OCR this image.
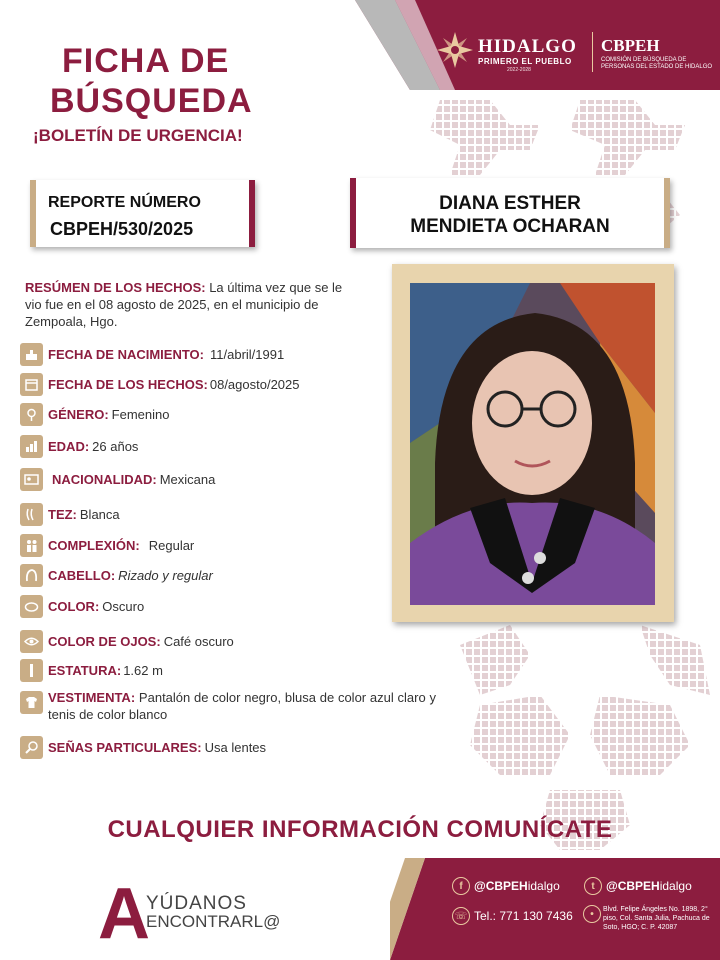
HIDALGO
PRIMERO EL PUEBLO
2022-2028
CBPEH
COMISIÓN DE BÚSQUEDA DE PERSONAS DEL ESTADO DE HIDALGO
FICHA DE
BÚSQUEDA
¡BOLETÍN DE URGENCIA!
REPORTE NÚMERO
CBPEH/530/2025
DIANA ESTHER
MENDIETA OCHARAN
RESÚMEN DE LOS HECHOS: La última vez que se le vio fue en el 08 agosto de 2025, en el municipio de Zempoala, Hgo.
FECHA DE NACIMIENTO: 11/abril/1991
FECHA DE LOS HECHOS: 08/agosto/2025
GÉNERO: Femenino
EDAD: 26 años
NACIONALIDAD: Mexicana
TEZ: Blanca
COMPLEXIÓN: Regular
CABELLO: Rizado y regular
COLOR: Oscuro
COLOR DE OJOS: Café oscuro
ESTATURA: 1.62 m
VESTIMENTA: Pantalón de color negro, blusa de color azul claro y tenis de color blanco
SEÑAS PARTICULARES: Usa lentes
CUALQUIER INFORMACIÓN COMUNÍCATE
A
YÚDANOS
ENCONTRARL@
f @CBPEH idalgo	t @CBPEH idalgo
☏ Tel.: 771 130 7436	•	Blvd. Felipe Ángeles No. 1898, 2° piso, Col. Santa Julia, Pachuca de Soto, HGO; C. P. 42087
